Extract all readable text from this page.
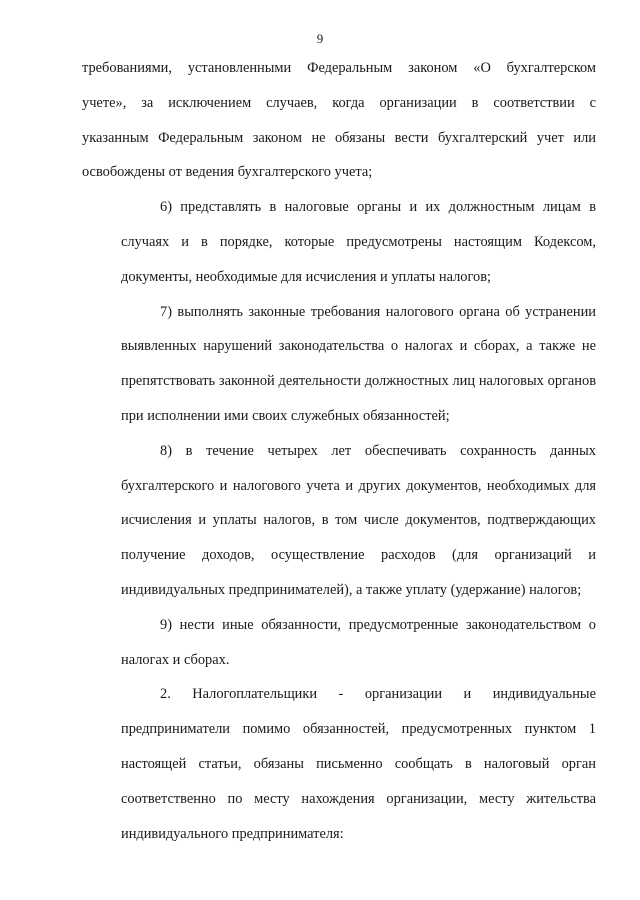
9

требованиями, установленными Федеральным законом «О бухгалтерском
учете», за исключением случаев, когда организации в соответствии с
указанным Федеральным законом не обязаны вести бухгалтерский учет или
освобождены от ведения бухгалтерского учета;

6) представлять в налоговые органы и их должностным лицам в
случаях и в порядке, которые предусмотрены настоящим Кодексом,
документы, необходимые для исчисления и уплаты налогов;

7) выполнять законные требования налогового органа об устранении
выявленных нарушений законодательства о налогах и сборах, а также не
препятствовать законной деятельности должностных лиц налоговых органов
при исполнении ими своих служебных обязанностей;

8) в течение четырех лет обеспечивать сохранность данных
бухгалтерского и налогового учета и других документов, необходимых для
исчисления и уплаты налогов, в том числе документов, подтверждающих
получение доходов, осуществление расходов (для организаций и
индивидуальных предпринимателей), а также уплату (удержание) налогов;

9) нести иные обязанности, предусмотренные законодательством о
налогах и сборах.

2. Налогоплательщики - организации и индивидуальные
предприниматели помимо обязанностей, предусмотренных пунктом 1
настоящей статьи, обязаны письменно сообщать в налоговый орган
соответственно по месту нахождения организации, месту жительства
индивидуального предпринимателя:
